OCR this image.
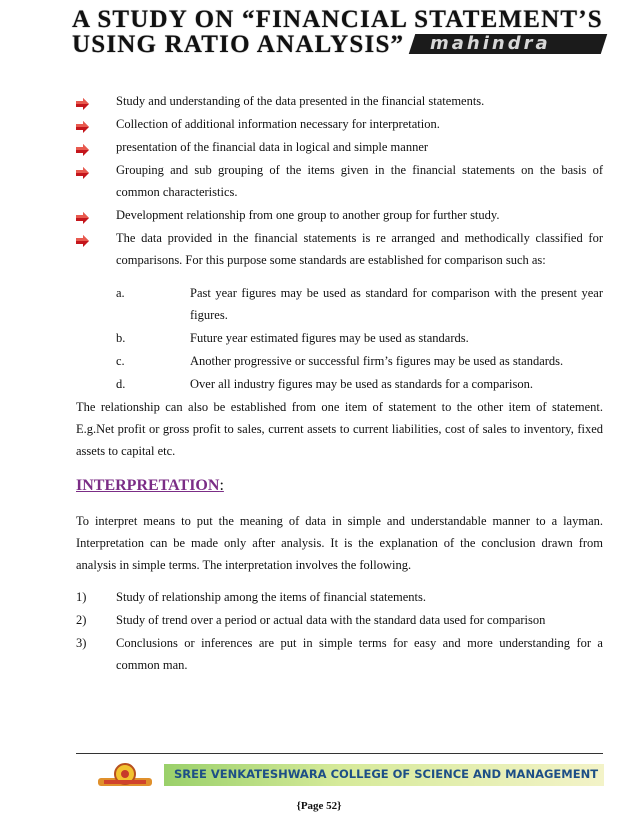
A STUDY ON “FINANCIAL STATEMENT’S
USING RATIO ANALYSIS” mahindra
Study and understanding of the data presented in the financial statements.
Collection of additional information necessary for interpretation.
presentation of the financial data in logical and simple manner
Grouping and sub grouping of the items given in the financial statements on the basis of common characteristics.
Development relationship from one group to another group for further study.
The data provided in the financial statements is re arranged and methodically classified for comparisons. For this purpose some standards are established for comparison such as:
a.	Past year figures may be used as standard for comparison with the present year figures.
b.	Future year estimated figures may be used as standards.
c.	Another progressive or successful firm’s figures may be used as standards.
d.	Over all industry figures may be used as standards for a comparison.

The relationship can also be established from one item of statement to the other item of statement. E.g.Net profit or gross profit to sales, current assets to current liabilities, cost of sales to inventory, fixed assets to capital etc.

INTERPRETATION:

To interpret means to put the meaning of data in simple and understandable manner to a layman. Interpretation can be made only after analysis. It is the explanation of the conclusion drawn from analysis in simple terms. The interpretation involves the following.

1) Study of relationship among the items of financial statements.
2) Study of trend over a period or actual data with the standard data used for comparison
3) Conclusions or inferences are put in simple terms for easy and more understanding for a common man.
SREE VENKATESHWARA COLLEGE OF SCIENCE AND MANAGEMENT
{Page 52}
